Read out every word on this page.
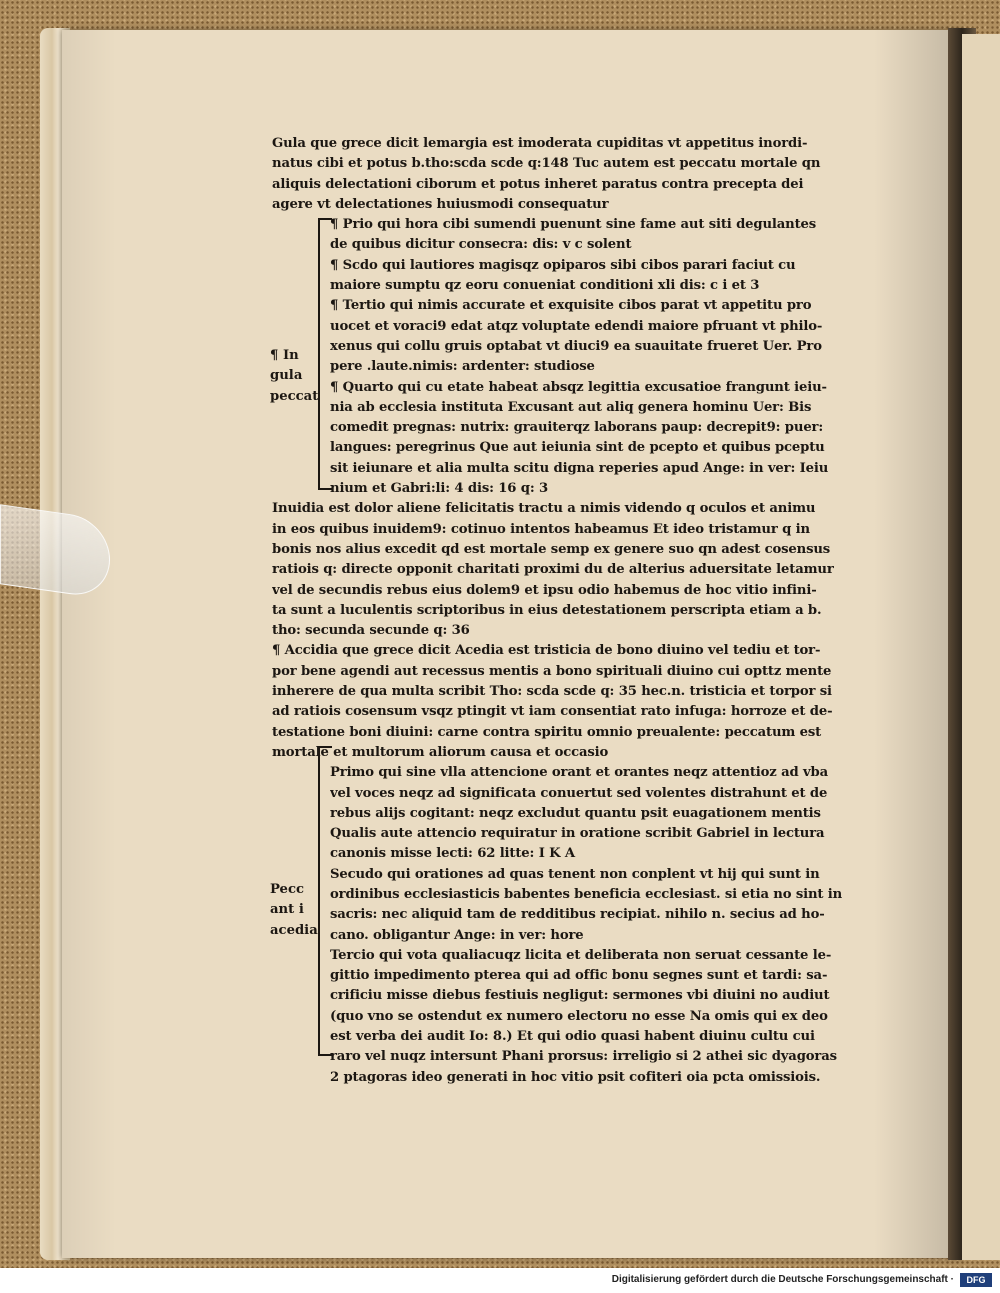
Gula que grece dicit lemargia est imoderata cupiditas vt appetitus inordi-
natus cibi et potus b.tho:scda scde q:148 Tuc autem est peccatu mortale qn
aliquis delectationi ciborum et potus inheret paratus contra precepta dei
agere vt delectationes huiusmodi consequatur
¶ Prio qui hora cibi sumendi puenunt sine fame aut siti degulantes
de quibus dicitur consecra: dis: v c solent
¶ Scdo qui lautiores magisqz opiparos sibi cibos parari faciut cu
maiore sumptu qz eoru conueniat conditioni xli dis: c i et 3
¶ Tertio qui nimis accurate et exquisite cibos parat vt appetitu pro
uocet et voraci9 edat atqz voluptate edendi maiore pfruant vt philo-
xenus qui collu gruis optabat vt diuci9 ea suauitate frueret Uer. Pro
pere .laute.nimis: ardenter: studiose
¶ Quarto qui cu etate habeat absqz legittia excusatioe frangunt ieiu-
nia ab ecclesia instituta Excusant aut aliq genera hominu Uer: Bis
comedit pregnas: nutrix: grauiterqz laborans paup: decrepit9: puer:
langues: peregrinus Que aut ieiunia sint de pcepto et quibus pceptu
sit ieiunare et alia multa scitu digna reperies apud Ange: in ver: Ieiu
nium et Gabri:li: 4 dis: 16 q: 3
Inuidia est dolor aliene felicitatis tractu a nimis videndo q oculos et animu
in eos quibus inuidem9: cotinuo intentos habeamus Et ideo tristamur q in
bonis nos alius excedit qd est mortale semp ex genere suo qn adest cosensus
ratiois q: directe opponit charitati proximi du de alterius aduersitate letamur
vel de secundis rebus eius dolem9 et ipsu odio habemus de hoc vitio infini-
ta sunt a luculentis scriptoribus in eius detestationem perscripta etiam a b.
tho: secunda secunde q: 36
¶ Accidia que grece dicit Acedia est tristicia de bono diuino vel tediu et tor-
por bene agendi aut recessus mentis a bono spirituali diuino cui opttz mente
inherere de qua multa scribit Tho: scda scde q: 35 hec.n. tristicia et torpor si
ad ratiois cosensum vsqz ptingit vt iam consentiat rato infuga: horroze et de-
testatione boni diuini: carne contra spiritu omnio preualente: peccatum est
mortale et multorum aliorum causa et occasio
Primo qui sine vlla attencione orant et orantes neqz attentioz ad vba
vel voces neqz ad significata conuertut sed volentes distrahunt et de
rebus alijs cogitant: neqz excludut quantu psit euagationem mentis
Qualis aute attencio requiratur in oratione scribit Gabriel in lectura
canonis misse lecti: 62 litte: I K A
Secudo qui orationes ad quas tenent non conplent vt hij qui sunt in
ordinibus ecclesiasticis babentes beneficia ecclesiast. si etia no sint in
sacris: nec aliquid tam de redditibus recipiat. nihilo n. secius ad ho-
cano. obligantur Ange: in ver: hore
Tercio qui vota qualiacuqz licita et deliberata non seruat cessante le-
gittio impedimento pterea qui ad offic bonu segnes sunt et tardi: sa-
crificiu misse diebus festiuis negligut: sermones vbi diuini no audiut
(quo vno se ostendut ex numero electoru no esse Na omis qui ex deo
est verba dei audit Io: 8.) Et qui odio quasi habent diuinu cultu cui
raro vel nuqz intersunt Phani prorsus: irreligio si 2 athei sic dyagoras
2 ptagoras ideo generati in hoc vitio psit cofiteri oia pcta omissiois.
¶ In
gula
peccat
Pecc
ant i
acedia
Digitalisierung gefördert durch die Deutsche Forschungsgemeinschaft ·	DFG
